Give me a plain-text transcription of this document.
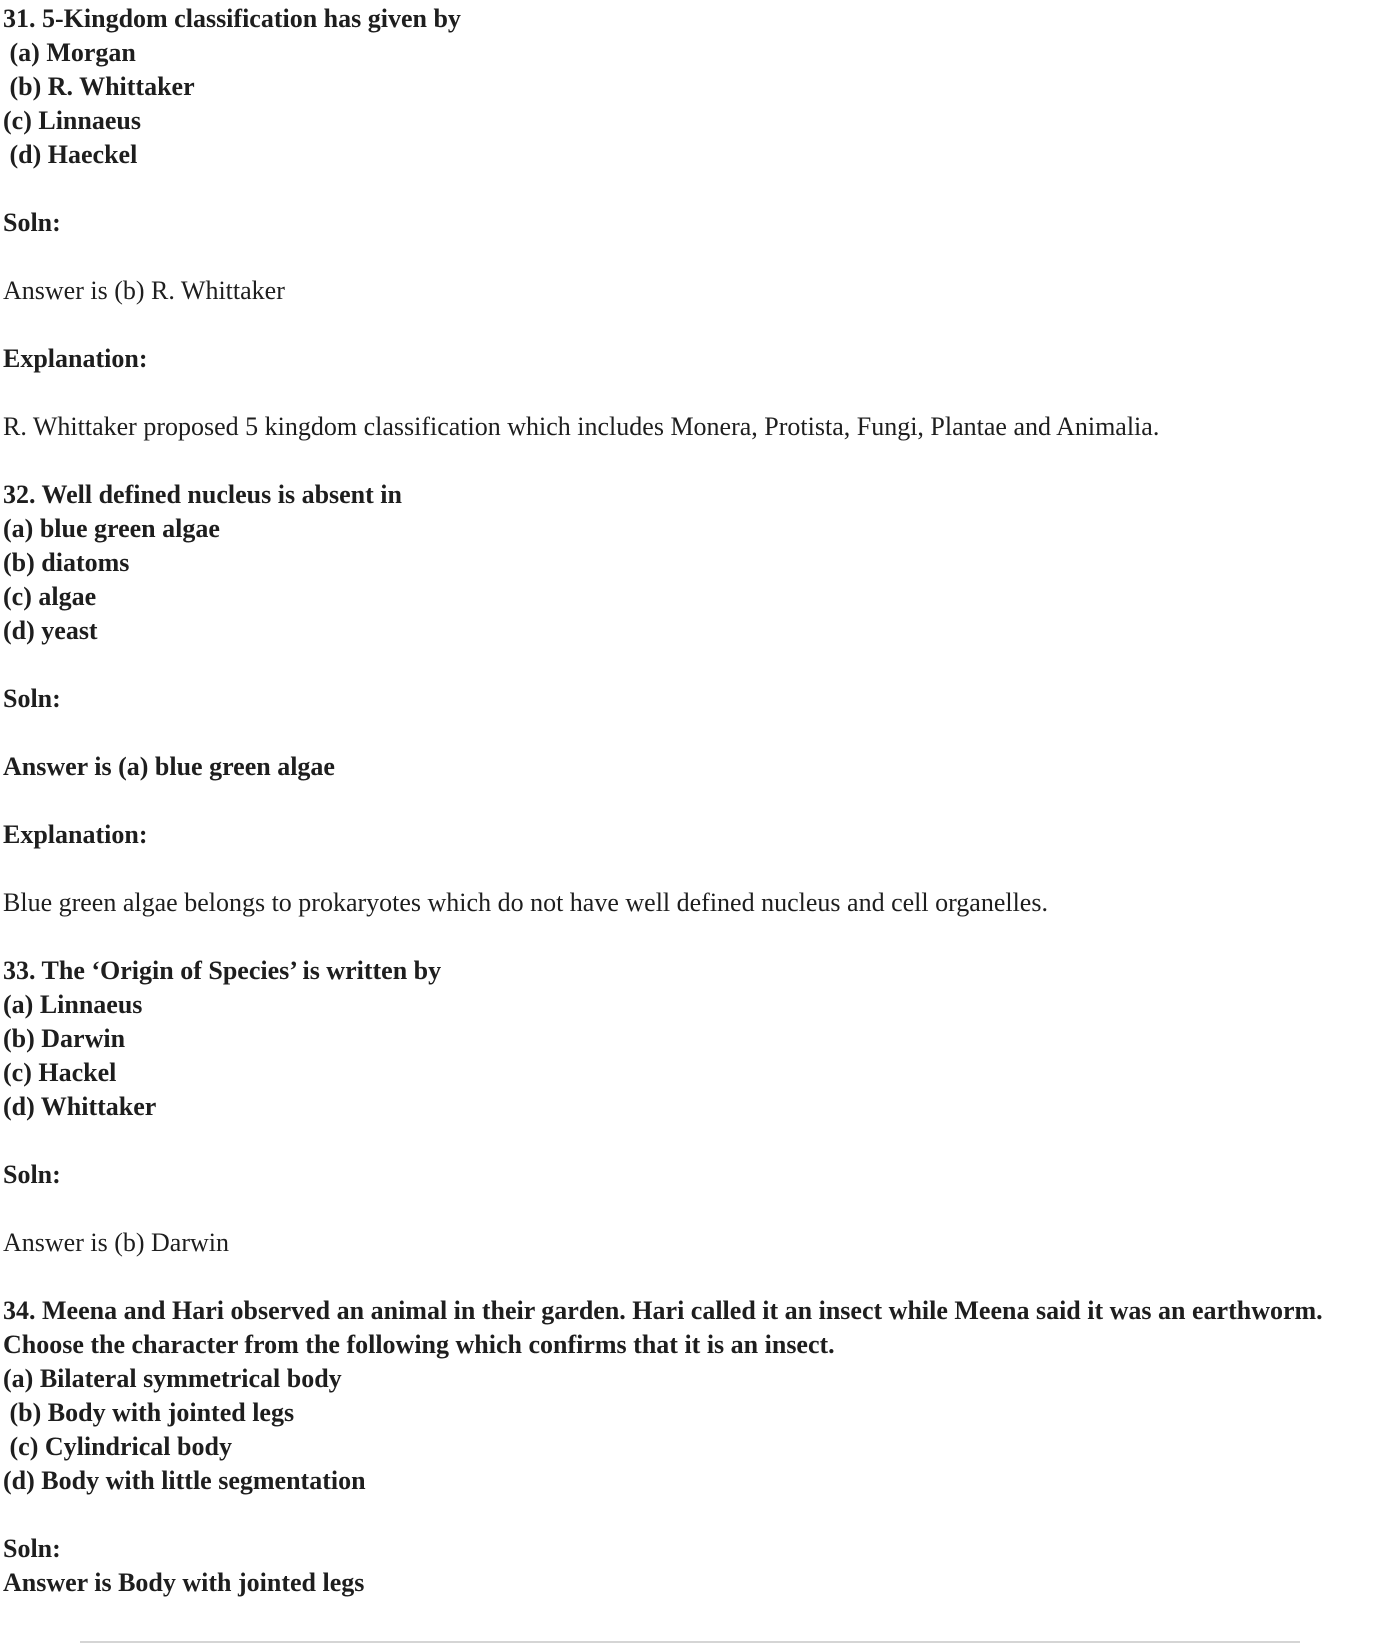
31. 5-Kingdom classification has given by
(a) Morgan
(b) R. Whittaker
(c) Linnaeus
(d) Haeckel
Soln:
Answer is (b) R. Whittaker
Explanation:
R. Whittaker proposed 5 kingdom classification which includes Monera, Protista, Fungi, Plantae and Animalia.
32. Well defined nucleus is absent in
(a) blue green algae
(b) diatoms
(c) algae
(d) yeast
Soln:
Answer is (a) blue green algae
Explanation:
Blue green algae belongs to prokaryotes which do not have well defined nucleus and cell organelles.
33. The ‘Origin of Species’ is written by
(a) Linnaeus
(b) Darwin
(c) Hackel
(d) Whittaker
Soln:
Answer is (b) Darwin
34. Meena and Hari observed an animal in their garden. Hari called it an insect while Meena said it was an earthworm. Choose the character from the following which confirms that it is an insect.
(a) Bilateral symmetrical body
(b) Body with jointed legs
(c) Cylindrical body
(d) Body with little segmentation
Soln:
Answer is Body with jointed legs
